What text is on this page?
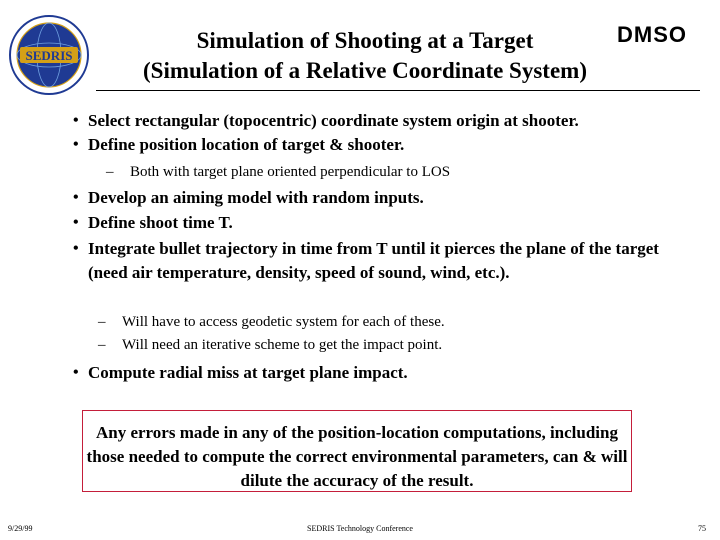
SEDRIS
DMSO
Simulation of Shooting at a Target
(Simulation of a Relative Coordinate System)
• Select rectangular (topocentric) coordinate system origin at shooter.
• Define position location of target & shooter.
– Both with target plane oriented perpendicular to LOS
• Develop an aiming model with random inputs.
• Define shoot time T.
• Integrate bullet trajectory in time from T until it pierces the plane of the target (need air temperature, density, speed of sound, wind, etc.).
– Will have to access geodetic system for each of these.
– Will need an iterative scheme to get the impact point.
• Compute radial miss at target plane impact.
Any errors made in any of the position-location computations, including those needed to compute the correct environmental parameters, can & will dilute the accuracy of the result.
9/29/99	SEDRIS Technology Conference	75
